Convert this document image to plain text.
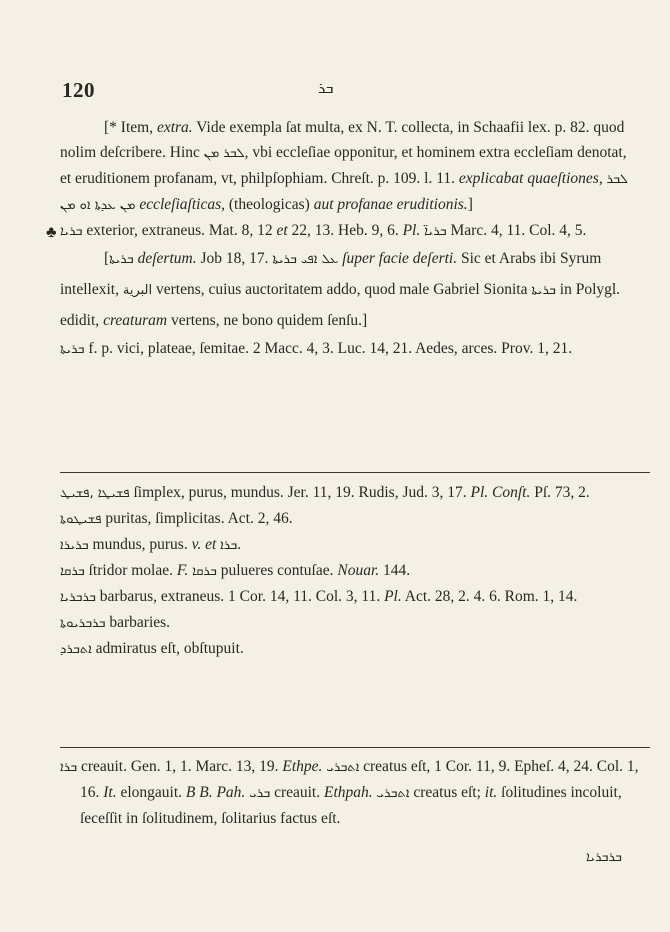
120	ܒܪ
♣

[* Item, extra. Vide exempla ſat multa, ex N. T. collecta, in Schaafii lex. p. 82. quod nolim deſcribere. Hinc ܡܢ ܠܒܪ, vbi eccleſiae opponitur, et hominem extra eccleſiam denotat, et eruditionem profanam, vt, philpſophiam. Chreſt. p. 109. l. 11. explicabat quaeſtiones, ܠܒܪ ܡܢ ܐܘ ܡܢ ܥܕܬܐ eccleſiaſticas, (theologicas) aut profanae eruditionis.]

ܒܪܝܐ exterior, extraneus. Mat. 8, 12 et 22, 13. Heb. 9, 6. Pl. ܒܪܝܐ̈ Marc. 4, 11. Col. 4, 5.

[ܒܪܝܬܐ deſertum. Job 18, 17. ܥܠ ܐܦܝ ܒܪܝܬܐ ſuper facie deſerti. Sic et Arabs ibi Syrum intellexit, البرية vertens, cuius auctoritatem addo, quod male Gabriel Sionita ܒܪܝܬܐ in Polygl. edidit, creaturam vertens, ne bono quidem ſenſu.]

ܒܪܝܬܐ f. p. vici, plateae, ſemitae. 2 Macc. 4, 3. Luc. 14, 21. Aedes, arces. Prov. 1, 21.

ܦܫܝܛܐ ,ܦܫܝܛ ſimplex, purus, mundus. Jer. 11, 19. Rudis, Jud. 3, 17. Pl. Conſt. Pſ. 73, 2.

ܦܫܝܛܘܬܐ puritas, ſimplicitas. Act. 2, 46.

ܒܪܝܪܐ mundus, purus. v. et ܒܪܐ.

ܒܪܩܐ ſtridor molae. F. ܒܪܩܐ pulueres contuſae. Nouar. 144.

ܒܪܒܪܝܐ barbarus, extraneus. 1 Cor. 14, 11. Col. 3, 11. Pl. Act. 28, 2. 4. 6. Rom. 1, 14.

ܒܪܒܪܝܘܬܐ barbaries.

ܐܬܒܪܕ admiratus eſt, obſtupuit.

ܒܪܐ creauit. Gen. 1, 1. Marc. 13, 19. Ethpe. ܐܬܒܪܝ creatus eſt, 1 Cor. 11, 9. Epheſ. 4, 24. Col. 1, 16. It. elongauit. B B. Pah. ܒܪܝ creauit. Ethpah. ܐܬܒܪܝ creatus eſt; it. ſolitudines incoluit, ſeceſſit in ſolitudinem, ſolitarius factus eſt.

ܒܪܒܪܝܐ
